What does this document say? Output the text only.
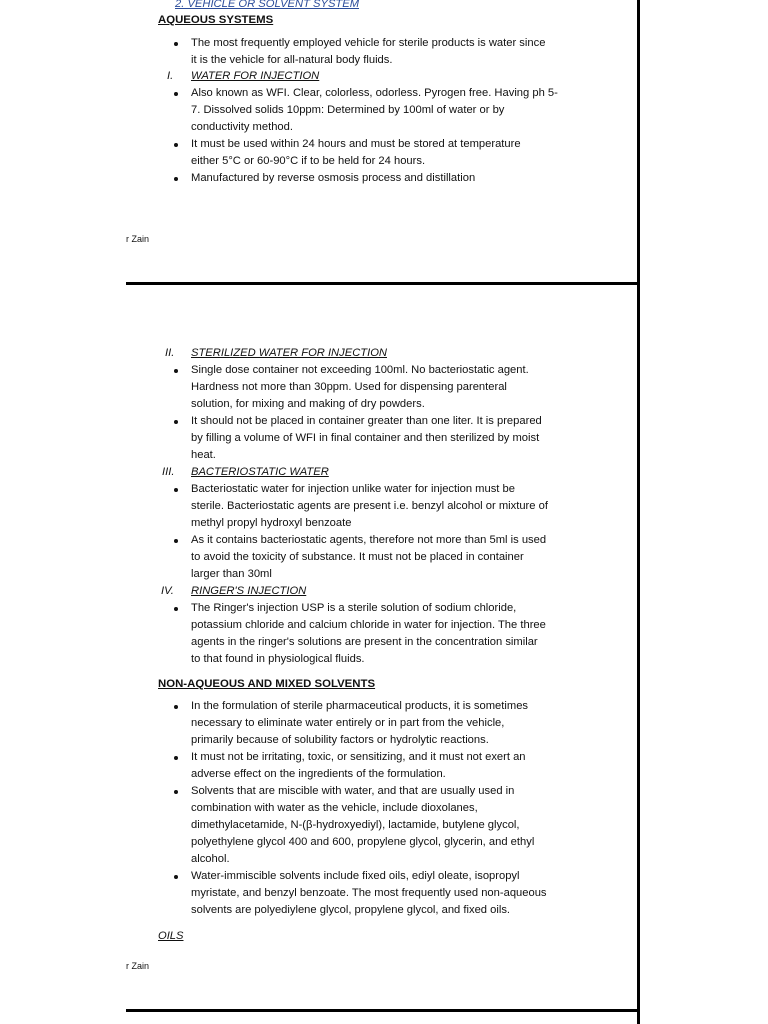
2. VEHICLE OR SOLVENT SYSTEM
AQUEOUS SYSTEMS
The most frequently employed vehicle for sterile products is water since
it is the vehicle for all-natural body fluids.
I. WATER FOR INJECTION
Also known as WFI. Clear, colorless, odorless. Pyrogen free. Having ph 5-
7. Dissolved solids 10ppm: Determined by 100ml of water or by
conductivity method.
It must be used within 24 hours and must be stored at temperature
either 5°C or 60-90°C if to be held for 24 hours.
Manufactured by reverse osmosis process and distillation
r Zain
II. STERILIZED WATER FOR INJECTION
Single dose container not exceeding 100ml. No bacteriostatic agent.
Hardness not more than 30ppm. Used for dispensing parenteral
solution, for mixing and making of dry powders.
It should not be placed in container greater than one liter. It is prepared
by filling a volume of WFI in final container and then sterilized by moist
heat.
III. BACTERIOSTATIC WATER
Bacteriostatic water for injection unlike water for injection must be
sterile. Bacteriostatic agents are present i.e. benzyl alcohol or mixture of
methyl propyl hydroxyl benzoate
As it contains bacteriostatic agents, therefore not more than 5ml is used
to avoid the toxicity of substance. It must not be placed in container
larger than 30ml
IV. RINGER'S INJECTION
The Ringer's injection USP is a sterile solution of sodium chloride,
potassium chloride and calcium chloride in water for injection. The three
agents in the ringer's solutions are present in the concentration similar
to that found in physiological fluids.
NON-AQUEOUS AND MIXED SOLVENTS
In the formulation of sterile pharmaceutical products, it is sometimes
necessary to eliminate water entirely or in part from the vehicle,
primarily because of solubility factors or hydrolytic reactions.
It must not be irritating, toxic, or sensitizing, and it must not exert an
adverse effect on the ingredients of the formulation.
Solvents that are miscible with water, and that are usually used in
combination with water as the vehicle, include dioxolanes,
dimethylacetamide, N-(β-hydroxyediyl), lactamide, butylene glycol,
polyethylene glycol 400 and 600, propylene glycol, glycerin, and ethyl
alcohol.
Water-immiscible solvents include fixed oils, ediyl oleate, isopropyl
myristate, and benzyl benzoate. The most frequently used non-aqueous
solvents are polyediylene glycol, propylene glycol, and fixed oils.
OILS
r Zain
